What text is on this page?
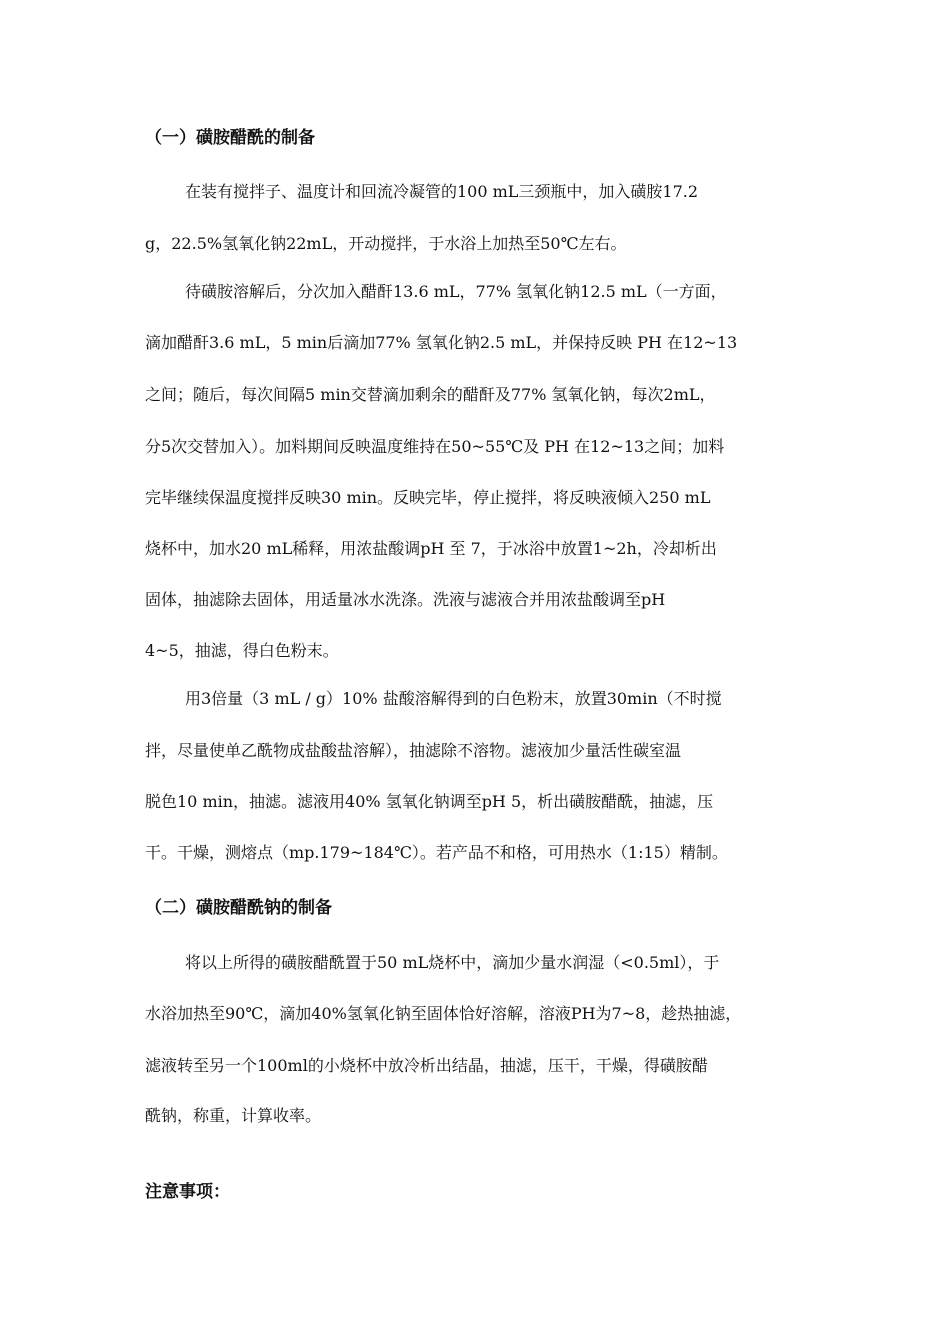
（一）磺胺醋酰的制备
在装有搅拌子、温度计和回流冷凝管的100 mL三颈瓶中，加入磺胺17.2
g，22.5%氢氧化钠22mL，开动搅拌，于水浴上加热至50℃左右。
待磺胺溶解后，分次加入醋酐13.6 mL，77% 氢氧化钠12.5 mL（一方面，
滴加醋酐3.6 mL，5 min后滴加77% 氢氧化钠2.5 mL，并保持反映 PH 在12~13
之间；随后，每次间隔5 min交替滴加剩余的醋酐及77% 氢氧化钠，每次2mL，
分5次交替加入）。加料期间反映温度维持在50~55℃及 PH 在12~13之间；加料
完毕继续保温度搅拌反映30 min。反映完毕，停止搅拌，将反映液倾入250 mL
烧杯中，加水20 mL稀释，用浓盐酸调pH 至 7，于冰浴中放置1~2h，冷却析出
固体，抽滤除去固体，用适量冰水洗涤。洗液与滤液合并用浓盐酸调至pH
4~5，抽滤，得白色粉末。
用3倍量（3 mL / g）10% 盐酸溶解得到的白色粉末，放置30min（不时搅
拌，尽量使单乙酰物成盐酸盐溶解），抽滤除不溶物。滤液加少量活性碳室温
脱色10 min，抽滤。滤液用40% 氢氧化钠调至pH 5，析出磺胺醋酰，抽滤，压
干。干燥，测熔点（mp.179~184℃）。若产品不和格，可用热水（1:15）精制。
（二）磺胺醋酰钠的制备
将以上所得的磺胺醋酰置于50 mL烧杯中，滴加少量水润湿（<0.5ml），于
水浴加热至90℃，滴加40%氢氧化钠至固体恰好溶解，溶液PH为7~8，趁热抽滤，
滤液转至另一个100ml的小烧杯中放冷析出结晶，抽滤，压干，干燥，得磺胺醋
酰钠，称重，计算收率。
注意事项：
